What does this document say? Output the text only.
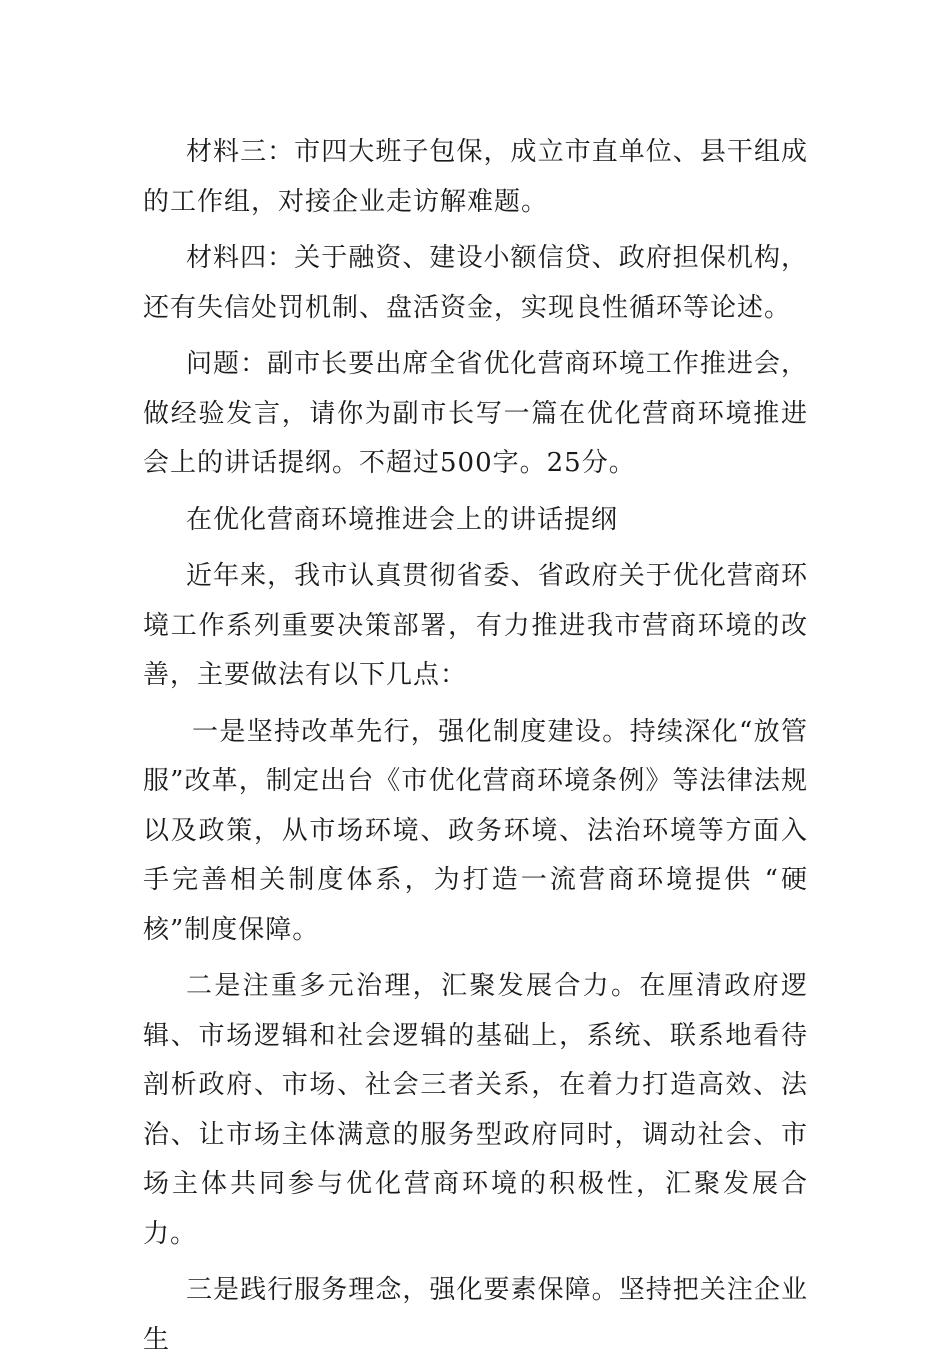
材料三：市四大班子包保，成立市直单位、县干组成的工作组，对接企业走访解难题。

材料四：关于融资、建设小额信贷、政府担保机构，还有失信处罚机制、盘活资金，实现良性循环等论述。

问题：副市长要出席全省优化营商环境工作推进会，做经验发言，请你为副市长写一篇在优化营商环境推进会上的讲话提纲。不超过500字。25分。

在优化营商环境推进会上的讲话提纲

近年来，我市认真贯彻省委、省政府关于优化营商环境工作系列重要决策部署，有力推进我市营商环境的改善，主要做法有以下几点：

一是坚持改革先行，强化制度建设。持续深化“放管服”改革，制定出台《市优化营商环境条例》等法律法规以及政策，从市场环境、政务环境、法治环境等方面入手完善相关制度体系，为打造一流营商环境提供 “硬核”制度保障。

二是注重多元治理，汇聚发展合力。在厘清政府逻辑、市场逻辑和社会逻辑的基础上，系统、联系地看待剖析政府、市场、社会三者关系，在着力打造高效、法治、让市场主体满意的服务型政府同时，调动社会、市场主体共同参与优化营商环境的积极性，汇聚发展合力。

三是践行服务理念，强化要素保障。坚持把关注企业生
